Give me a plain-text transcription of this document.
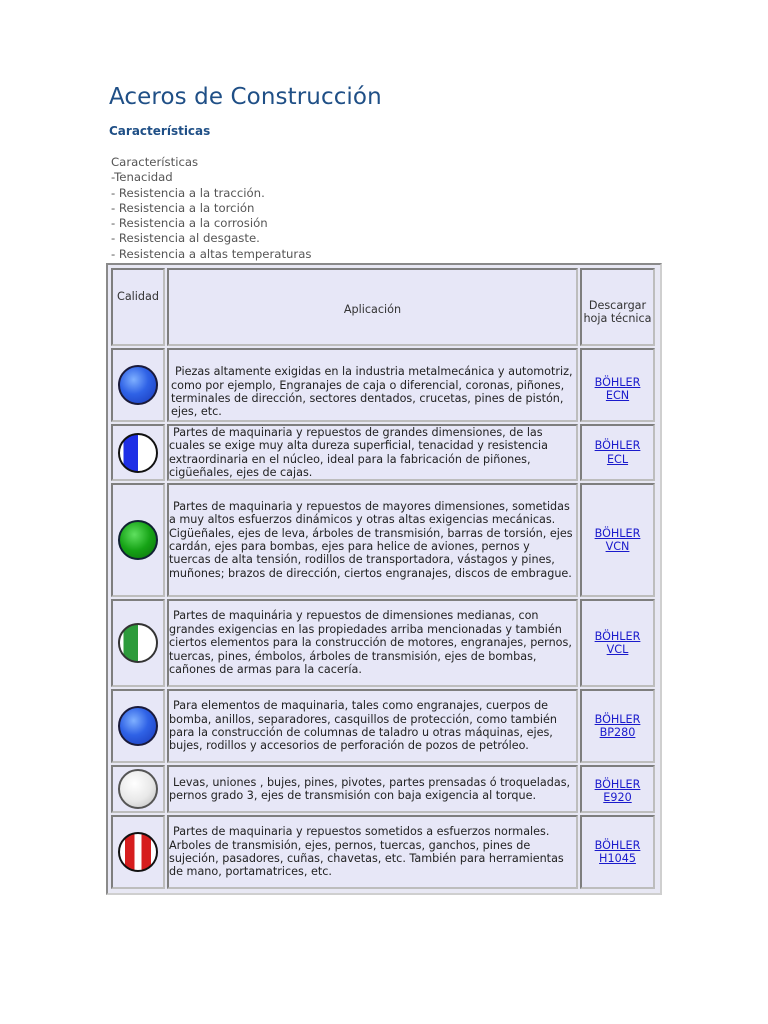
Aceros de Construcción
Características
Características
-Tenacidad
- Resistencia a la tracción.
- Resistencia a la torción
- Resistencia a la corrosión
- Resistencia al desgaste.
- Resistencia a altas temperaturas
Calidad
Aplicación	Descargar
hoja técnica
Piezas altamente exigidas en la industria metalmecánica y automotriz, como por ejemplo, Engranajes de caja o diferencial, coronas, piñones, terminales de dirección, sectores dentados, crucetas, pines de pistón, ejes, etc.
BÖHLER
ECN
Partes de maquinaria y repuestos de grandes dimensiones, de las cuales se exige muy alta dureza superficial, tenacidad y resistencia extraordinaria en el núcleo, ideal para la fabricación de piñones, cigüeñales, ejes de cajas.
BÖHLER
ECL
Partes de maquinaria y repuestos de mayores dimensiones, sometidas a muy altos esfuerzos dinámicos y otras altas exigencias mecánicas. Cigüeñales, ejes de leva, árboles de transmisión, barras de torsión, ejes cardán, ejes para bombas, ejes para helice de aviones, pernos y tuercas de alta tensión, rodillos de transportadora, vástagos y pines, muñones; brazos de dirección, ciertos engranajes, discos de embrague.
BÖHLER
VCN
Partes de maquinária y repuestos de dimensiones medianas, con grandes exigencias en las propiedades arriba mencionadas y también ciertos elementos para la construcción de motores, engranajes, pernos, tuercas, pines, émbolos, árboles de transmisión, ejes de bombas, cañones de armas para la cacería.
BÖHLER
VCL
Para elementos de maquinaria, tales como engranajes, cuerpos de bomba, anillos, separadores, casquillos de protección, como también para la construcción de columnas de taladro u otras máquinas, ejes, bujes, rodillos y accesorios de perforación de pozos de petróleo.
BÖHLER
BP280
Levas, uniones , bujes, pines, pivotes, partes prensadas ó troqueladas, pernos grado 3, ejes de transmisión con baja exigencia al torque.
BÖHLER
E920
Partes de maquinaria y repuestos sometidos a esfuerzos normales. Arboles de transmisión, ejes, pernos, tuercas, ganchos, pines de sujeción, pasadores, cuñas, chavetas, etc. También para herramientas de mano, portamatrices, etc.
BÖHLER
H1045
